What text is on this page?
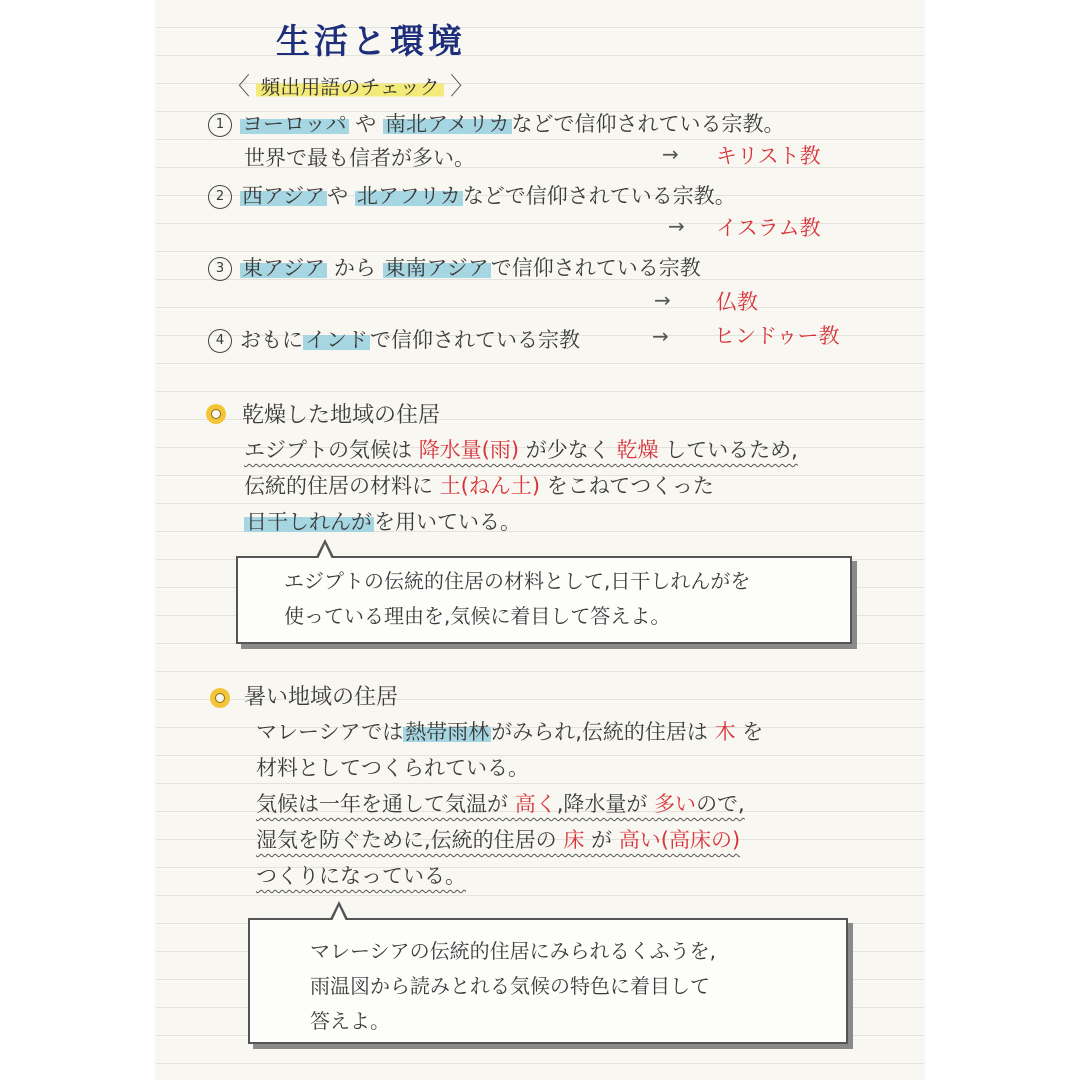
生活と環境
〈 頻出用語のチェック 〉
1 ヨーロッパ や 南北アメリカなどで信仰されている宗教。
世界で最も信者が多い。	→ キリスト教
2 西アジアや 北アフリカなどで信仰されている宗教。
→ イスラム教
3 東アジア から 東南アジアで信仰されている宗教
→ 仏教
4 おもにインドで信仰されている宗教	→ ヒンドゥー教
乾燥した地域の住居
エジプトの気候は 降水量(雨) が少なく 乾燥 しているため,
伝統的住居の材料に 土(ねん土) をこねてつくった
日干しれんがを用いている。
エジプトの伝統的住居の材料として,日干しれんがを
使っている理由を,気候に着目して答えよ。
暑い地域の住居
マレーシアでは熱帯雨林がみられ,伝統的住居は 木 を
材料としてつくられている。
気候は一年を通して気温が 高く,降水量が 多いので,
湿気を防ぐために,伝統的住居の 床 が 高い(高床の)
つくりになっている。
マレーシアの伝統的住居にみられるくふうを,
雨温図から読みとれる気候の特色に着目して
答えよ。
